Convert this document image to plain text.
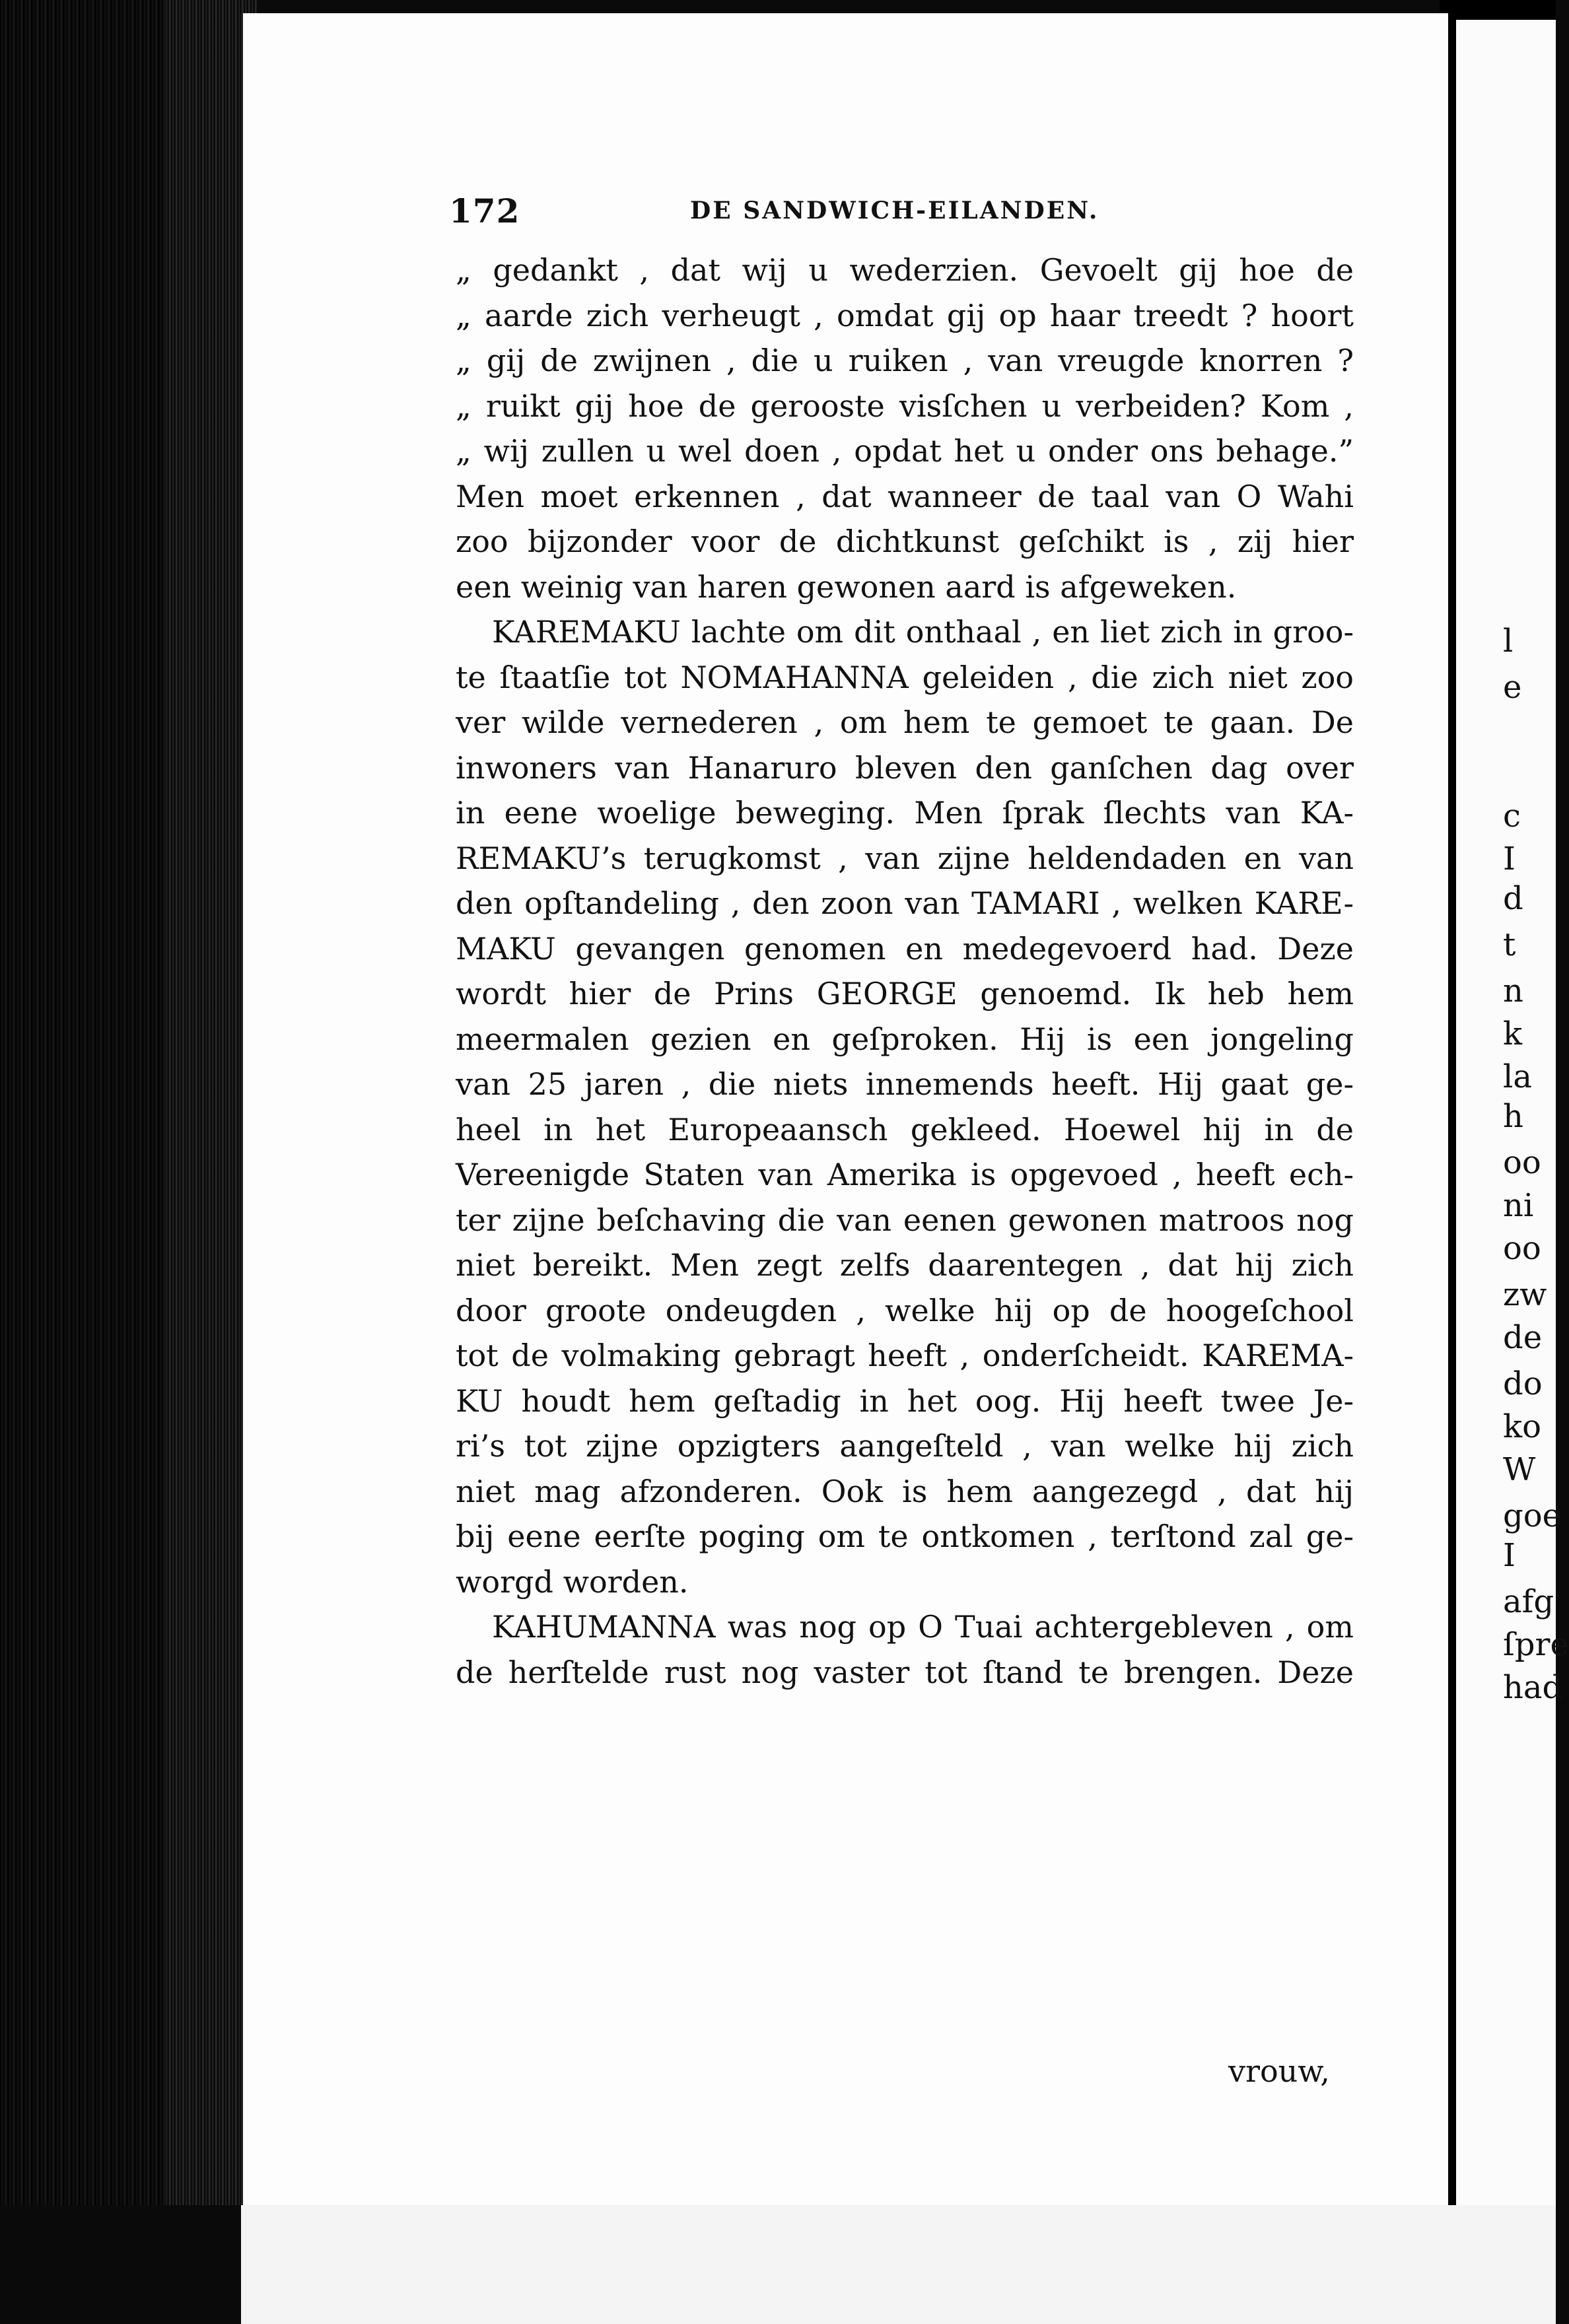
172	DE SANDWICH-EILANDEN.
„ gedankt , dat wij u wederzien. Gevoelt gij hoe de
„ aarde zich verheugt , omdat gij op haar treedt ? hoort
„ gij de zwijnen , die u ruiken , van vreugde knorren ?
„ ruikt gij hoe de gerooste visſchen u verbeiden? Kom ,
„ wij zullen u wel doen , opdat het u onder ons behage.”
Men moet erkennen , dat wanneer de taal van O Wahi
zoo bijzonder voor de dichtkunst geſchikt is , zij hier
een weinig van haren gewonen aard is afgeweken.
KAREMAKU lachte om dit onthaal , en liet zich in groo-
te ſtaatſie tot NOMAHANNA geleiden , die zich niet zoo
ver wilde vernederen , om hem te gemoet te gaan. De
inwoners van Hanaruro bleven den ganſchen dag over
in eene woelige beweging. Men ſprak ſlechts van KA-
REMAKU’s terugkomst , van zijne heldendaden en van
den opſtandeling , den zoon van TAMARI , welken KARE-
MAKU gevangen genomen en medegevoerd had. Deze
wordt hier de Prins GEORGE genoemd. Ik heb hem
meermalen gezien en geſproken. Hij is een jongeling
van 25 jaren , die niets innemends heeft. Hij gaat ge-
heel in het Europeaansch gekleed. Hoewel hij in de
Vereenigde Staten van Amerika is opgevoed , heeft ech-
ter zijne beſchaving die van eenen gewonen matroos nog
niet bereikt. Men zegt zelfs daarentegen , dat hij zich
door groote ondeugden , welke hij op de hoogeſchool
tot de volmaking gebragt heeft , onderſcheidt. KAREMA-
KU houdt hem geſtadig in het oog. Hij heeft twee Je-
ri’s tot zijne opzigters aangeſteld , van welke hij zich
niet mag afzonderen. Ook is hem aangezegd , dat hij
bij eene eerſte poging om te ontkomen , terſtond zal ge-
worgd worden.
KAHUMANNA was nog op O Tuai achtergebleven , om
de herſtelde rust nog vaster tot ſtand te brengen. Deze
vrouw,
l
e
c
I
d
t
n
k
la
h
oo
ni
oo
zw
de
do
ko
W
goe
I
afg
ſpre
had
